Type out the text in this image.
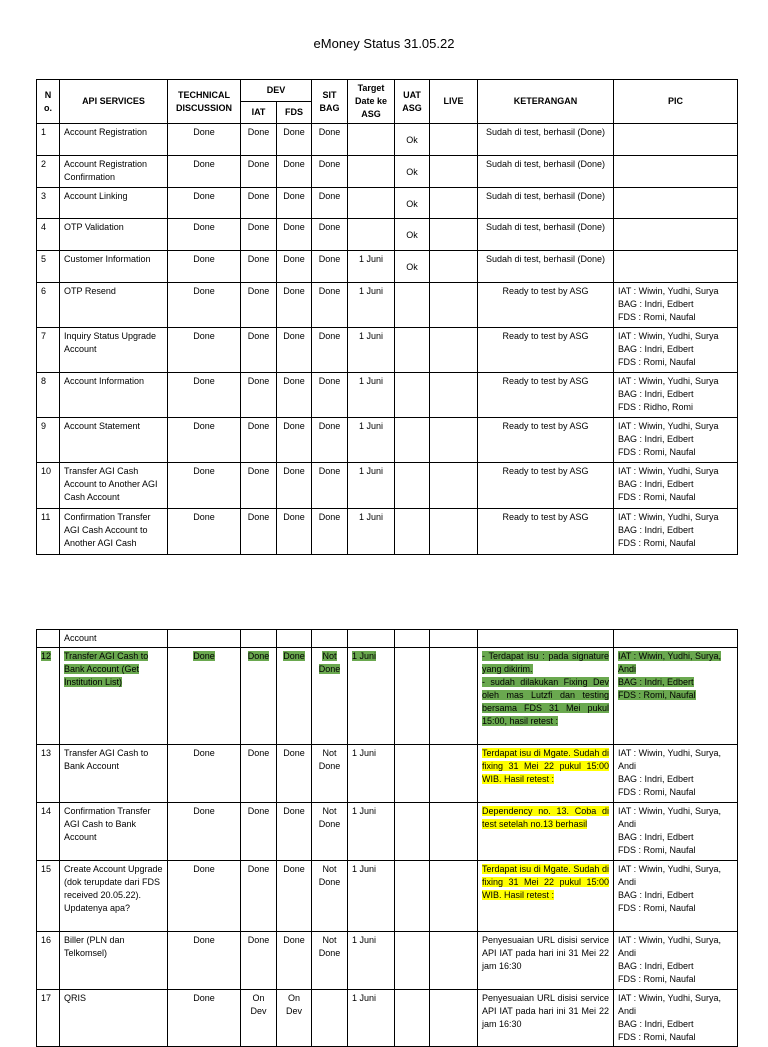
eMoney Status 31.05.22
N o.	API SERVICES	TECHNICAL DISCUSSION	DEV		SIT BAG	Target Date ke ASG	UAT ASG	LIVE	KETERANGAN	PIC
			IAT	FDS						
1	Account Registration	Done	Done	Done	Done		Ok		Sudah di test, berhasil (Done)	
2	Account Registration Confirmation	Done	Done	Done	Done		Ok		Sudah di test, berhasil (Done)	
3	Account Linking	Done	Done	Done	Done		Ok		Sudah di test, berhasil (Done)	
4	OTP Validation	Done	Done	Done	Done		Ok		Sudah di test, berhasil (Done)	
5	Customer Information	Done	Done	Done	Done	1 Juni	Ok		Sudah di test, berhasil (Done)	
6	OTP Resend	Done	Done	Done	Done	1 Juni			Ready to test by ASG	IAT : Wiwin, Yudhi, Surya
BAG : Indri, Edbert
FDS : Romi, Naufal
7	Inquiry Status Upgrade Account	Done	Done	Done	Done	1 Juni			Ready to test by ASG	IAT : Wiwin, Yudhi, Surya
BAG : Indri, Edbert
FDS : Romi, Naufal
8	Account Information	Done	Done	Done	Done	1 Juni			Ready to test by ASG	IAT : Wiwin, Yudhi, Surya
BAG : Indri, Edbert
FDS : Ridho, Romi
9	Account Statement	Done	Done	Done	Done	1 Juni			Ready to test by ASG	IAT : Wiwin, Yudhi, Surya
BAG : Indri, Edbert
FDS : Romi, Naufal
10	Transfer AGI Cash Account to Another AGI Cash Account	Done	Done	Done	Done	1 Juni			Ready to test by ASG	IAT : Wiwin, Yudhi, Surya
BAG : Indri, Edbert
FDS : Romi, Naufal
11	Confirmation Transfer AGI Cash Account to Another AGI Cash	Done	Done	Done	Done	1 Juni			Ready to test by ASG	IAT : Wiwin, Yudhi, Surya
BAG : Indri, Edbert
FDS : Romi, Naufal
	Account									
12	Transfer AGI Cash to Bank Account (Get Institution List)	Done	Done	Done	Not Done	1 Juni			- Terdapat isu : pada signature yang dikirim.
- sudah dilakukan Fixing Dev oleh mas Lutzfi dan testing bersama FDS 31 Mei pukul 15:00, hasil retest :	IAT : Wiwin, Yudhi, Surya, Andi
BAG : Indri, Edbert
FDS : Romi, Naufal
13	Transfer AGI Cash to Bank Account	Done	Done	Done	Not Done	1 Juni			Terdapat isu di Mgate. Sudah di fixing 31 Mei 22 pukul 15:00 WIB. Hasil retest :	IAT : Wiwin, Yudhi, Surya, Andi
BAG : Indri, Edbert
FDS : Romi, Naufal
14	Confirmation Transfer AGI Cash to Bank Account	Done	Done	Done	Not Done	1 Juni			Dependency no. 13. Coba di test setelah no.13 berhasil	IAT : Wiwin, Yudhi, Surya, Andi
BAG : Indri, Edbert
FDS : Romi, Naufal
15	Create Account Upgrade (dok terupdate dari FDS received 20.05.22). Updatenya apa?	Done	Done	Done	Not Done	1 Juni			Terdapat isu di Mgate. Sudah di fixing 31 Mei 22 pukul 15:00 WIB. Hasil retest :	IAT : Wiwin, Yudhi, Surya, Andi
BAG : Indri, Edbert
FDS : Romi, Naufal
16	Biller (PLN dan Telkomsel)	Done	Done	Done	Not Done	1 Juni			Penyesuaian URL disisi service API IAT pada hari ini 31 Mei 22 jam 16:30	IAT : Wiwin, Yudhi, Surya, Andi
BAG : Indri, Edbert
FDS : Romi, Naufal
17	QRIS	Done	On Dev	On Dev		1 Juni			Penyesuaian URL disisi service API IAT pada hari ini 31 Mei 22 jam 16:30	IAT : Wiwin, Yudhi, Surya, Andi
BAG : Indri, Edbert
FDS : Romi, Naufal
